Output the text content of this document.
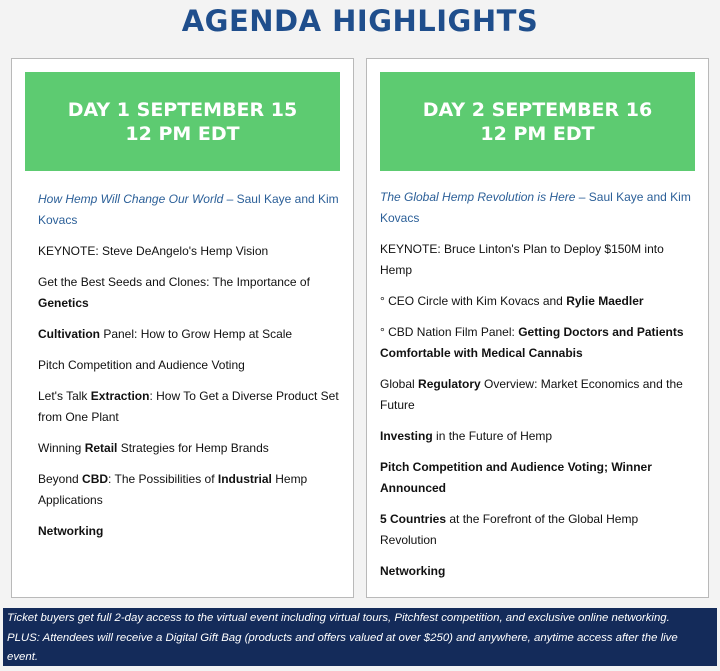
AGENDA HIGHLIGHTS
DAY 1 SEPTEMBER 15
12 PM EDT
How Hemp Will Change Our World – Saul Kaye and Kim Kovacs
KEYNOTE: Steve DeAngelo's Hemp Vision
Get the Best Seeds and Clones: The Importance of Genetics
Cultivation Panel: How to Grow Hemp at Scale
Pitch Competition and Audience Voting
Let's Talk Extraction: How To Get a Diverse Product Set from One Plant
Winning Retail Strategies for Hemp Brands
Beyond CBD: The Possibilities of Industrial Hemp Applications
Networking
DAY 2 SEPTEMBER 16
12 PM EDT
The Global Hemp Revolution is Here – Saul Kaye and Kim Kovacs
KEYNOTE: Bruce Linton's Plan to Deploy $150M into Hemp
° CEO Circle with Kim Kovacs and Rylie Maedler
° CBD Nation Film Panel: Getting Doctors and Patients Comfortable with Medical Cannabis
Global Regulatory Overview: Market Economics and the Future
Investing in the Future of Hemp
Pitch Competition and Audience Voting; Winner Announced
5 Countries at the Forefront of the Global Hemp Revolution
Networking
Ticket buyers get full 2-day access to the virtual event including virtual tours, Pitchfest competition, and exclusive online networking.
PLUS: Attendees will receive a Digital Gift Bag (products and offers valued at over $250) and anywhere, anytime access after the live
event.
